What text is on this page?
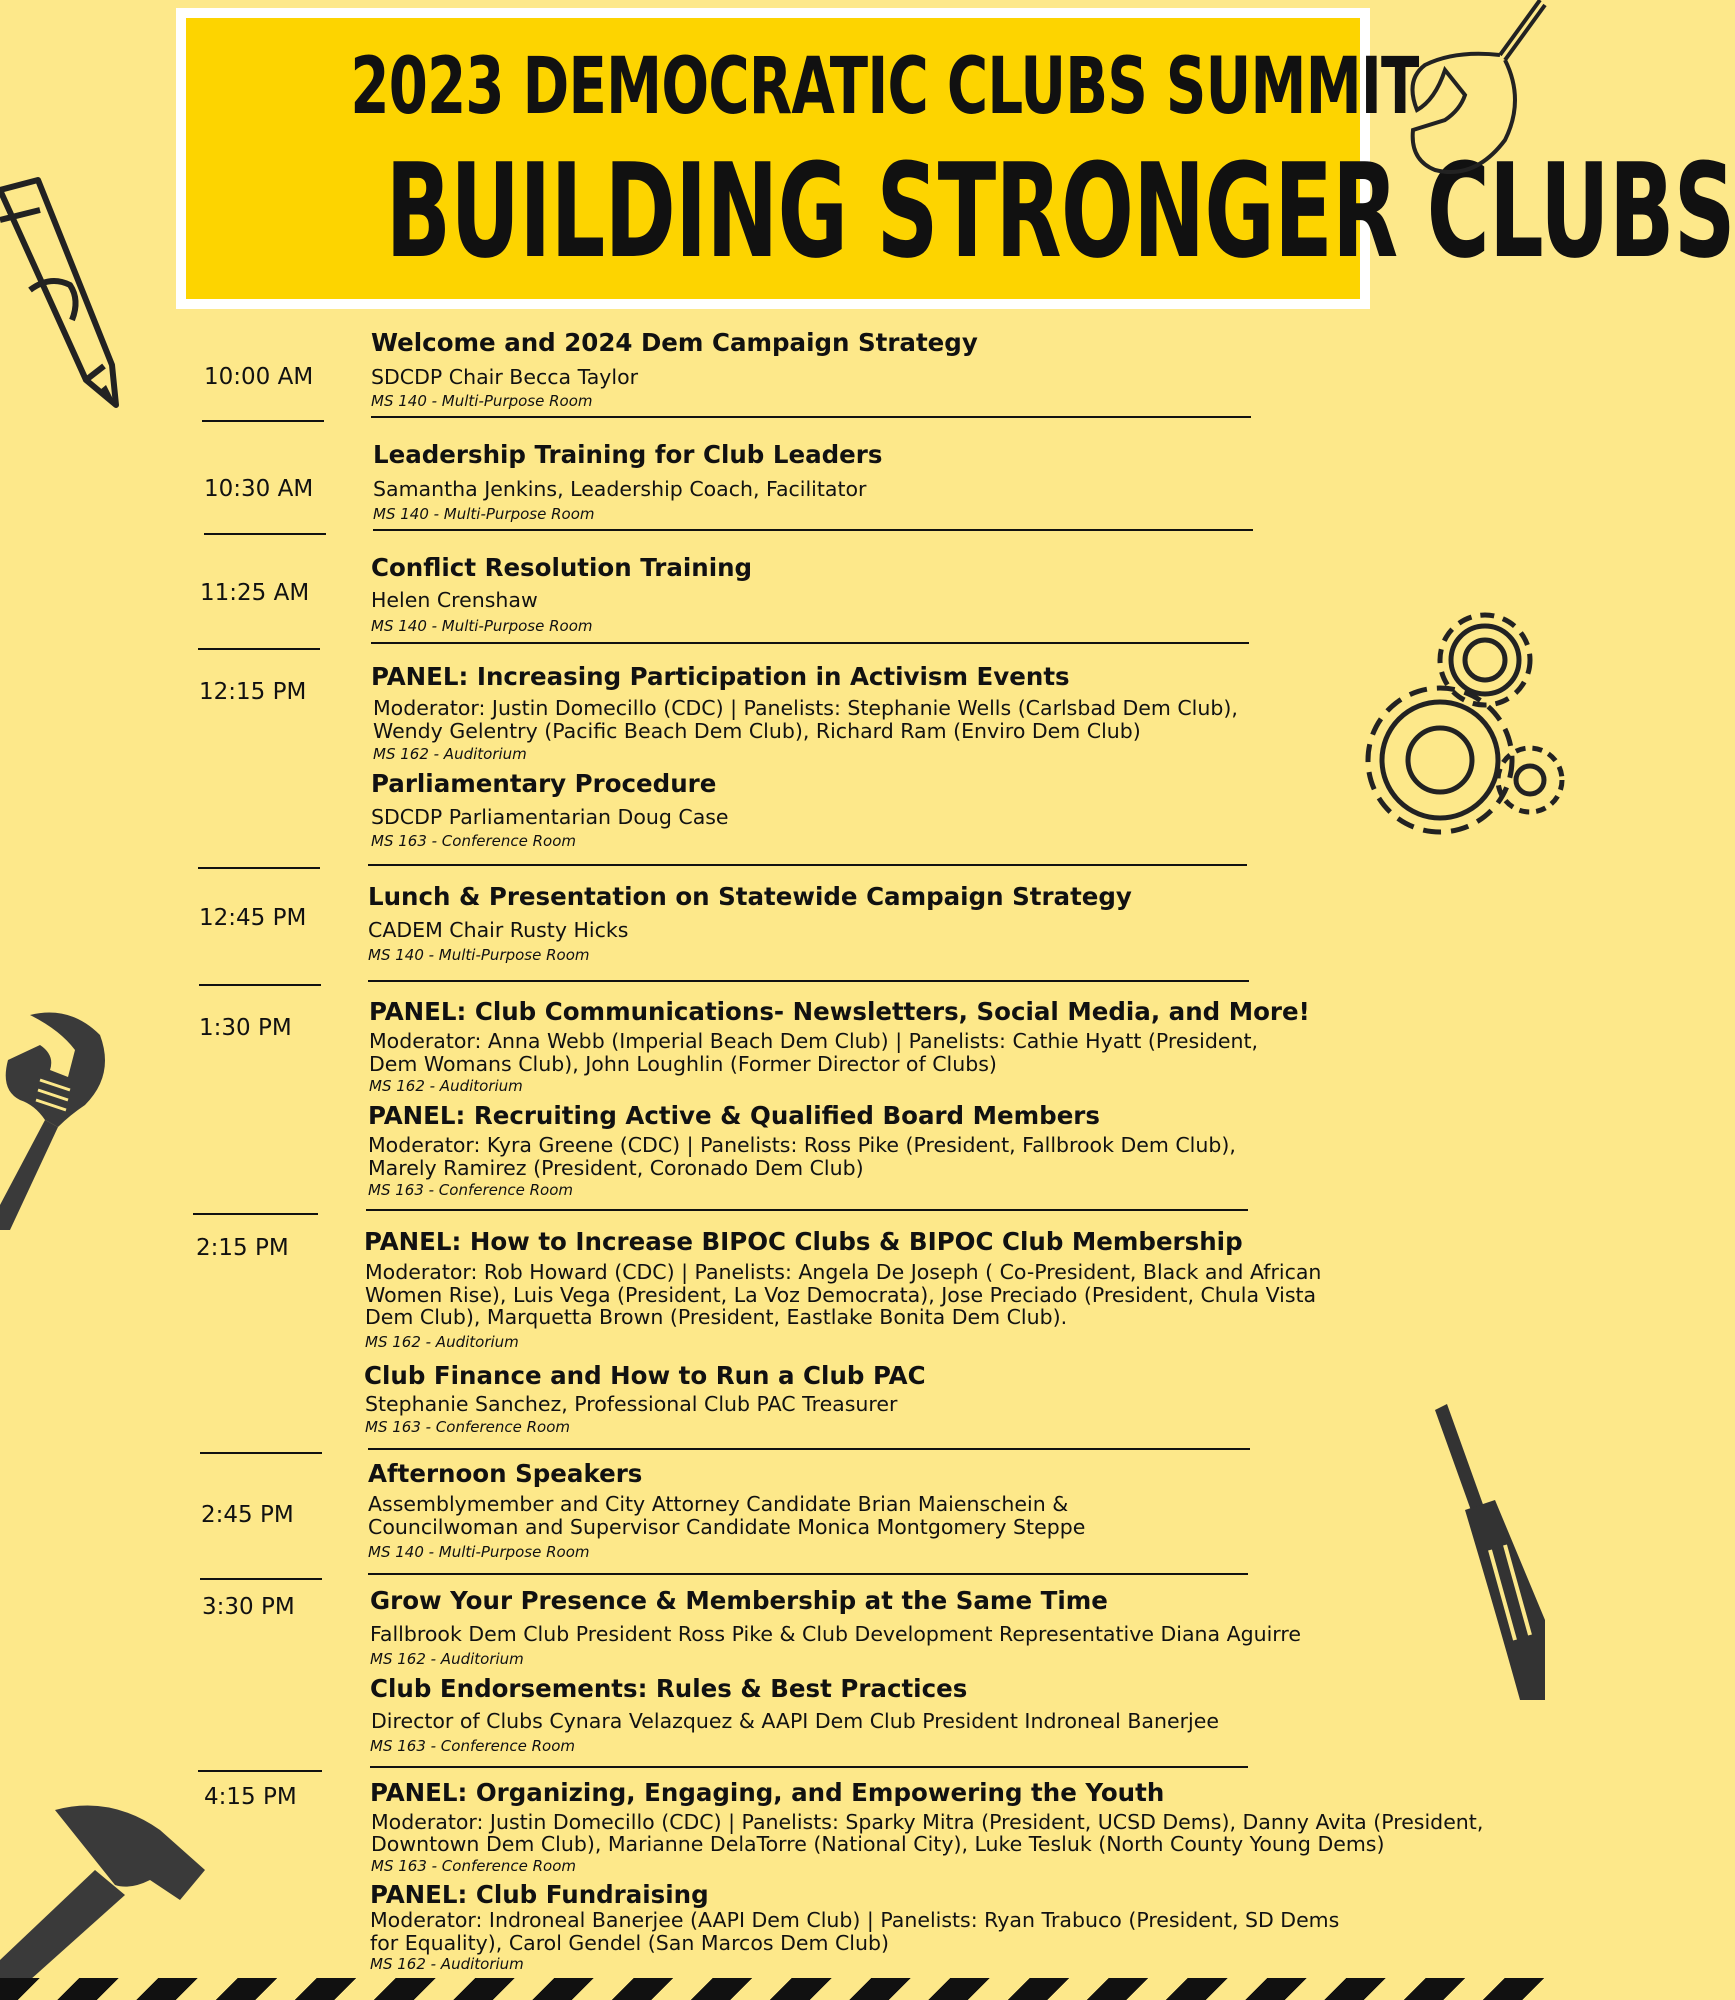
2023 DEMOCRATIC CLUBS SUMMIT
BUILDING STRONGER CLUBS
10:00 AM
Welcome and 2024 Dem Campaign Strategy
SDCDP Chair Becca Taylor
MS 140 - Multi-Purpose Room
10:30 AM
Leadership Training for Club Leaders
Samantha Jenkins, Leadership Coach, Facilitator
MS 140 - Multi-Purpose Room
11:25 AM
Conflict Resolution Training
Helen Crenshaw
MS 140 - Multi-Purpose Room
12:15 PM
PANEL: Increasing Participation in Activism Events
Moderator: Justin Domecillo (CDC) | Panelists: Stephanie Wells (Carlsbad Dem Club),
Wendy Gelentry (Pacific Beach Dem Club), Richard Ram (Enviro Dem Club)
MS 162 - Auditorium
Parliamentary Procedure
SDCDP Parliamentarian Doug Case
MS 163 - Conference Room
12:45 PM
Lunch & Presentation on Statewide Campaign Strategy
CADEM Chair Rusty Hicks
MS 140 - Multi-Purpose Room
1:30 PM
PANEL: Club Communications- Newsletters, Social Media, and More!
Moderator: Anna Webb (Imperial Beach Dem Club) | Panelists: Cathie Hyatt (President,
Dem Womans Club), John Loughlin (Former Director of Clubs)
MS 162 - Auditorium
PANEL: Recruiting Active & Qualified Board Members
Moderator: Kyra Greene (CDC) | Panelists: Ross Pike (President, Fallbrook Dem Club),
Marely Ramirez (President, Coronado Dem Club)
MS 163 - Conference Room
2:15 PM	PANEL: How to Increase BIPOC Clubs & BIPOC Club Membership
Moderator: Rob Howard (CDC) | Panelists: Angela De Joseph ( Co-President, Black and African
Women Rise), Luis Vega (President, La Voz Democrata), Jose Preciado (President, Chula Vista
Dem Club), Marquetta Brown (President, Eastlake Bonita Dem Club).
MS 162 - Auditorium
Club Finance and How to Run a Club PAC
Stephanie Sanchez, Professional Club PAC Treasurer
MS 163 - Conference Room
2:45 PM
Afternoon Speakers
Assemblymember and City Attorney Candidate Brian Maienschein &
Councilwoman and Supervisor Candidate Monica Montgomery Steppe
MS 140 - Multi-Purpose Room
3:30 PM	Grow Your Presence & Membership at the Same Time
Fallbrook Dem Club President Ross Pike & Club Development Representative Diana Aguirre
MS 162 - Auditorium
Club Endorsements: Rules & Best Practices
Director of Clubs Cynara Velazquez & AAPI Dem Club President Indroneal Banerjee
MS 163 - Conference Room
4:15 PM	PANEL: Organizing, Engaging, and Empowering the Youth
Moderator: Justin Domecillo (CDC) | Panelists: Sparky Mitra (President, UCSD Dems), Danny Avita (President,
Downtown Dem Club), Marianne DelaTorre (National City), Luke Tesluk (North County Young Dems)
MS 163 - Conference Room
PANEL: Club Fundraising
Moderator: Indroneal Banerjee (AAPI Dem Club) | Panelists: Ryan Trabuco (President, SD Dems
for Equality), Carol Gendel (San Marcos Dem Club)
MS 162 - Auditorium
